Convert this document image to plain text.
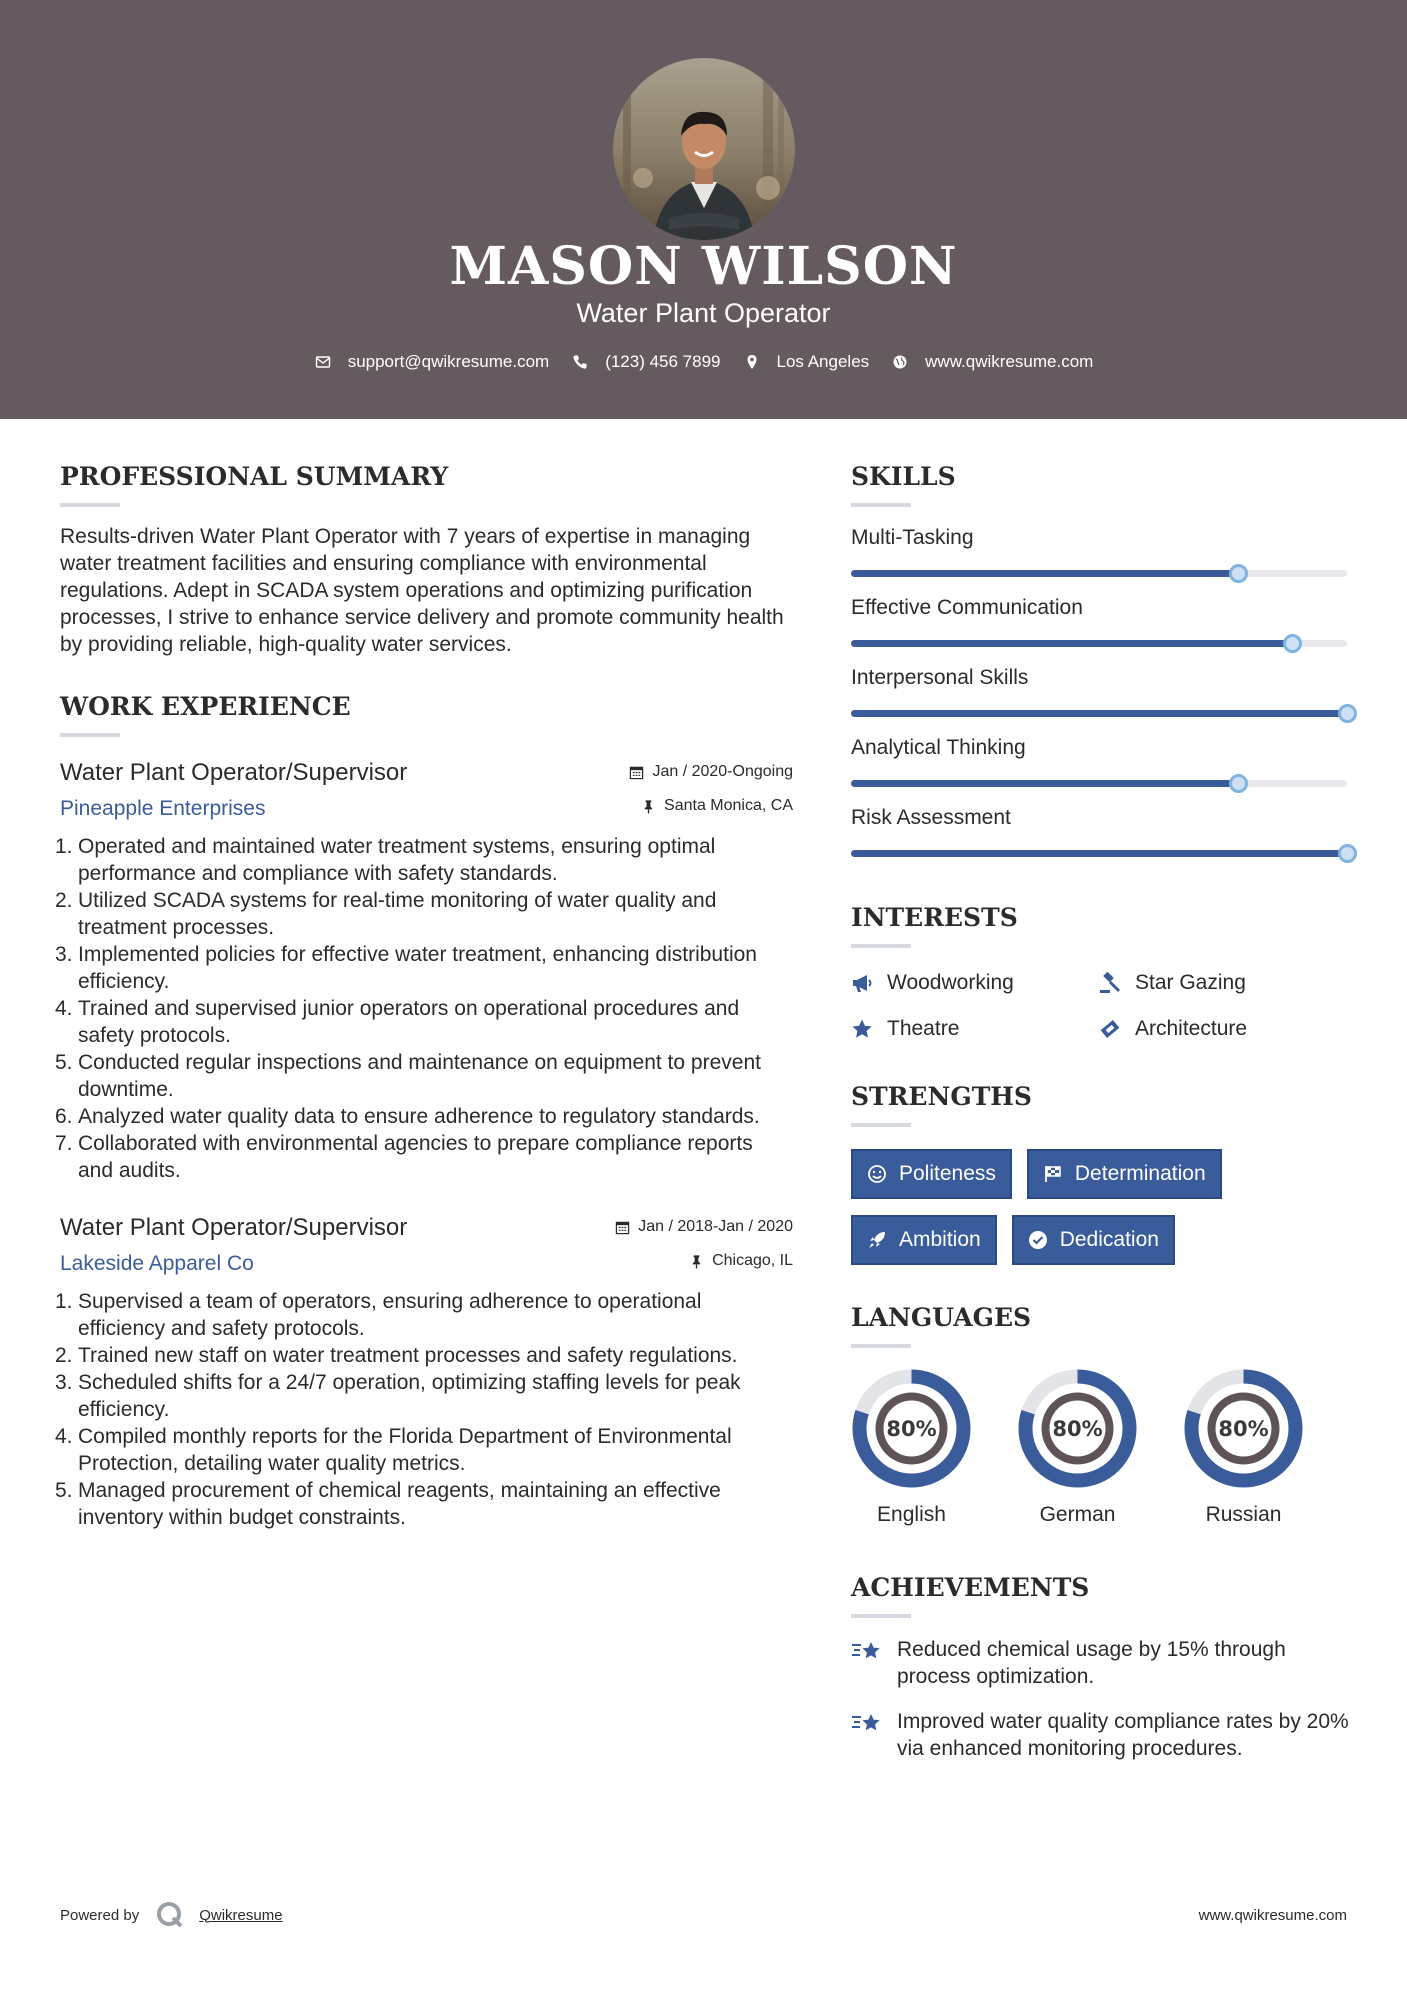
MASON WILSON
Water Plant Operator
support@qwikresume.com	(123) 456 7899	Los Angeles	www.qwikresume.com
PROFESSIONAL SUMMARY
Results-driven Water Plant Operator with 7 years of expertise in managing water treatment facilities and ensuring compliance with environmental regulations. Adept in SCADA system operations and optimizing purification processes, I strive to enhance service delivery and promote community health by providing reliable, high-quality water services.
WORK EXPERIENCE
Water Plant Operator/Supervisor
Pineapple Enterprises
Jan / 2020-Ongoing
Santa Monica, CA
1. Operated and maintained water treatment systems, ensuring optimal performance and compliance with safety standards.
2. Utilized SCADA systems for real-time monitoring of water quality and treatment processes.
3. Implemented policies for effective water treatment, enhancing distribution efficiency.
4. Trained and supervised junior operators on operational procedures and safety protocols.
5. Conducted regular inspections and maintenance on equipment to prevent downtime.
6. Analyzed water quality data to ensure adherence to regulatory standards.
7. Collaborated with environmental agencies to prepare compliance reports and audits.
Water Plant Operator/Supervisor
Lakeside Apparel Co
Jan / 2018-Jan / 2020
Chicago, IL
1. Supervised a team of operators, ensuring adherence to operational efficiency and safety protocols.
2. Trained new staff on water treatment processes and safety regulations.
3. Scheduled shifts for a 24/7 operation, optimizing staffing levels for peak efficiency.
4. Compiled monthly reports for the Florida Department of Environmental Protection, detailing water quality metrics.
5. Managed procurement of chemical reagents, maintaining an effective inventory within budget constraints.
SKILLS
Multi-Tasking
Effective Communication
Interpersonal Skills
Analytical Thinking
Risk Assessment
INTERESTS
Woodworking	Star Gazing
Theatre	Architecture
STRENGTHS
Politeness	Determination
Ambition	Dedication
LANGUAGES
80%
English
80%
German
80%
Russian
ACHIEVEMENTS
Reduced chemical usage by 15% through process optimization.
Improved water quality compliance rates by 20% via enhanced monitoring procedures.
Powered by	Qwikresume	www.qwikresume.com
